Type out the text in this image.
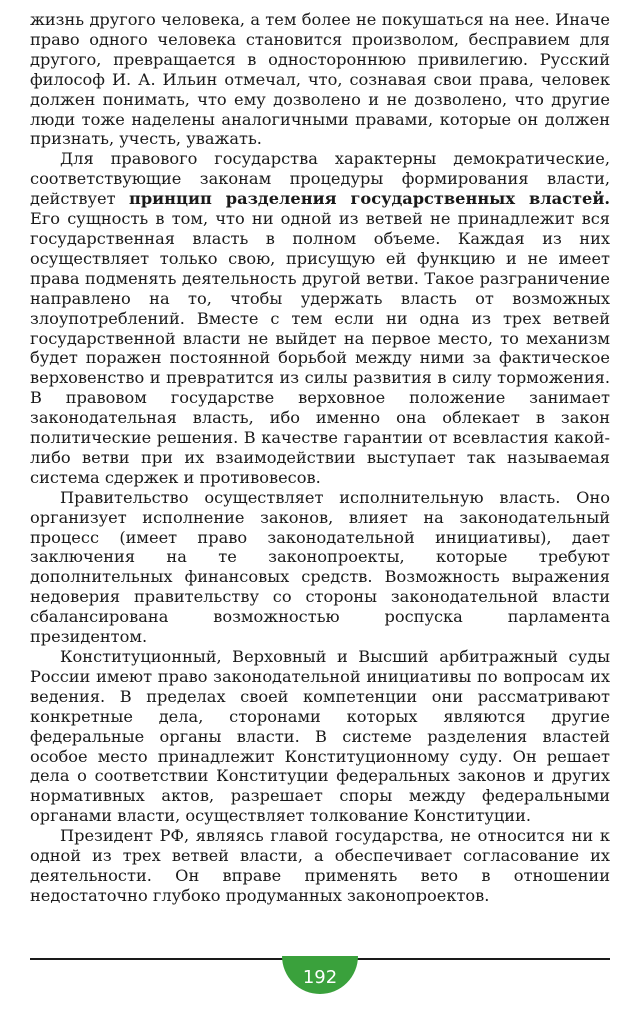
жизнь другого человека, а тем более не покушаться на нее. Иначе право одного человека становится произволом, бесправием для другого, превращается в одностороннюю привилегию. Русский философ И. А. Ильин отмечал, что, сознавая свои права, человек должен понимать, что ему дозволено и не дозволено, что другие люди тоже наделены аналогичными правами, которые он должен признать, учесть, уважать.

Для правового государства характерны демократические, соответствующие законам процедуры формирования власти, действует принцип разделения государственных властей. Его сущность в том, что ни одной из ветвей не принадлежит вся государственная власть в полном объеме. Каждая из них осуществляет только свою, присущую ей функцию и не имеет права подменять деятельность другой ветви. Такое разграничение направлено на то, чтобы удержать власть от возможных злоупотреблений. Вместе с тем если ни одна из трех ветвей государственной власти не выйдет на первое место, то механизм будет поражен постоянной борьбой между ними за фактическое верховенство и превратится из силы развития в силу торможения. В правовом государстве верховное положение занимает законодательная власть, ибо именно она облекает в закон политические решения. В качестве гарантии от всевластия какой-либо ветви при их взаимодействии выступает так называемая система сдержек и противовесов.

Правительство осуществляет исполнительную власть. Оно организует исполнение законов, влияет на законодательный процесс (имеет право законодательной инициативы), дает заключения на те законопроекты, которые требуют дополнительных финансовых средств. Возможность выражения недоверия правительству со стороны законодательной власти сбалансирована возможностью роспуска парламента президентом.

Конституционный, Верховный и Высший арбитражный суды России имеют право законодательной инициативы по вопросам их ведения. В пределах своей компетенции они рассматривают конкретные дела, сторонами которых являются другие федеральные органы власти. В системе разделения властей особое место принадлежит Конституционному суду. Он решает дела о соответствии Конституции федеральных законов и других нормативных актов, разрешает споры между федеральными органами власти, осуществляет толкование Конституции.

Президент РФ, являясь главой государства, не относится ни к одной из трех ветвей власти, а обеспечивает согласование их деятельности. Он вправе применять вето в отношении недостаточно глубоко продуманных законопроектов.

192
